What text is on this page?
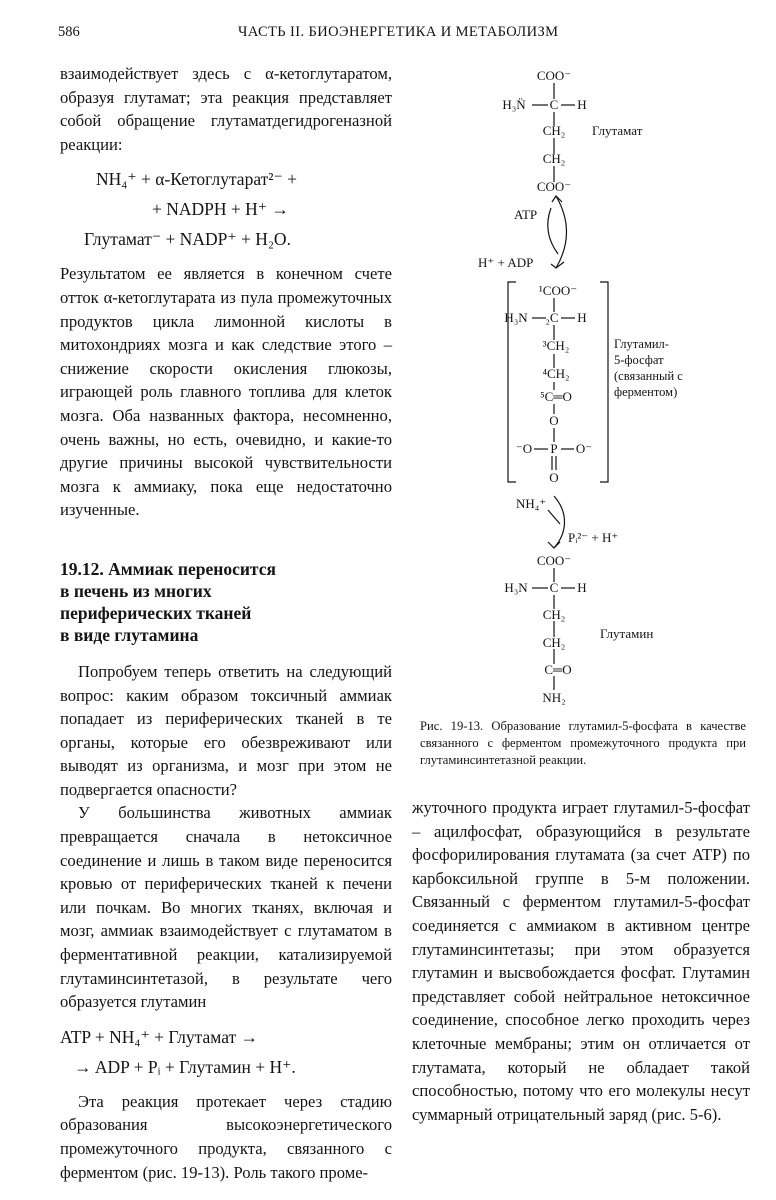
586	ЧАСТЬ II. БИОЭНЕРГЕТИКА И МЕТАБОЛИЗМ

взаимодействует здесь с α-кетоглутаратом, образуя глутамат; эта реакция представляет собой обращение глутаматдегидрогеназной реакции:

NH₄⁺ + α-Кетоглутарат²⁻ +
+ NADPH + H⁺ →
Глутамат⁻ + NADP⁺ + H₂O.

Результатом ее является в конечном счете отток α-кетоглутарата из пула промежуточных продуктов цикла лимонной кислоты в митохондриях мозга и как следствие этого – снижение скорости окисления глюкозы, играющей роль главного топлива для клеток мозга. Оба названных фактора, несомненно, очень важны, но есть, очевидно, и какие-то другие причины высокой чувствительности мозга к аммиаку, пока еще недостаточно изученные.

19.12. Аммиак переносится
в печень из многих
периферических тканей
в виде глутамина

Попробуем теперь ответить на следующий вопрос: каким образом токсичный аммиак попадает из периферических тканей в те органы, которые его обезвреживают или выводят из организма, и мозг при этом не подвергается опасности?

У большинства животных аммиак превращается сначала в нетоксичное соединение и лишь в таком виде переносится кровью от периферических тканей к печени или почкам. Во многих тканях, включая и мозг, аммиак взаимодействует с глутаматом в ферментативной реакции, катализируемой глутаминсинтетазой, в результате чего образуется глутамин

ATP + NH₄⁺ + Глутамат →
→ ADP + Pᵢ + Глутамин + H⁺.

Эта реакция протекает через стадию образования высокоэнергетического промежуточного продукта, связанного с ферментом (рис. 19-13). Роль такого проме-

COO⁻
H₃N̈ C H
CH₂
CH₂
COO⁻
Глутамат
ATP
H⁺ + ADP
¹COO⁻
H₃N ₂C H
³CH₂
⁴CH₂
⁵C═O
O
⁻O P O⁻
O
Глутамил-
5-фосфат
(связанный с
ферментом)
NH₄⁺
Pᵢ²⁻ + H⁺
COO⁻
H₃N C H
CH₂
CH₂
C═O
NH₂
Глутамин
Рис. 19-13. Образование глутамил-5-фосфата в качестве связанного с ферментом промежуточного продукта при глутаминсинтетазной реакции.

жуточного продукта играет глутамил-5-фосфат – ацилфосфат, образующийся в результате фосфорилирования глутамата (за счет ATP) по карбоксильной группе в 5-м положении. Связанный с ферментом глутамил-5-фосфат соединяется с аммиаком в активном центре глутаминсинтетазы; при этом образуется глутамин и высвобождается фосфат. Глутамин представляет собой нейтральное нетоксичное соединение, способное легко проходить через клеточные мембраны; этим он отличается от глутамата, который не обладает такой способностью, потому что его молекулы несут суммарный отрицательный заряд (рис. 5-6).
